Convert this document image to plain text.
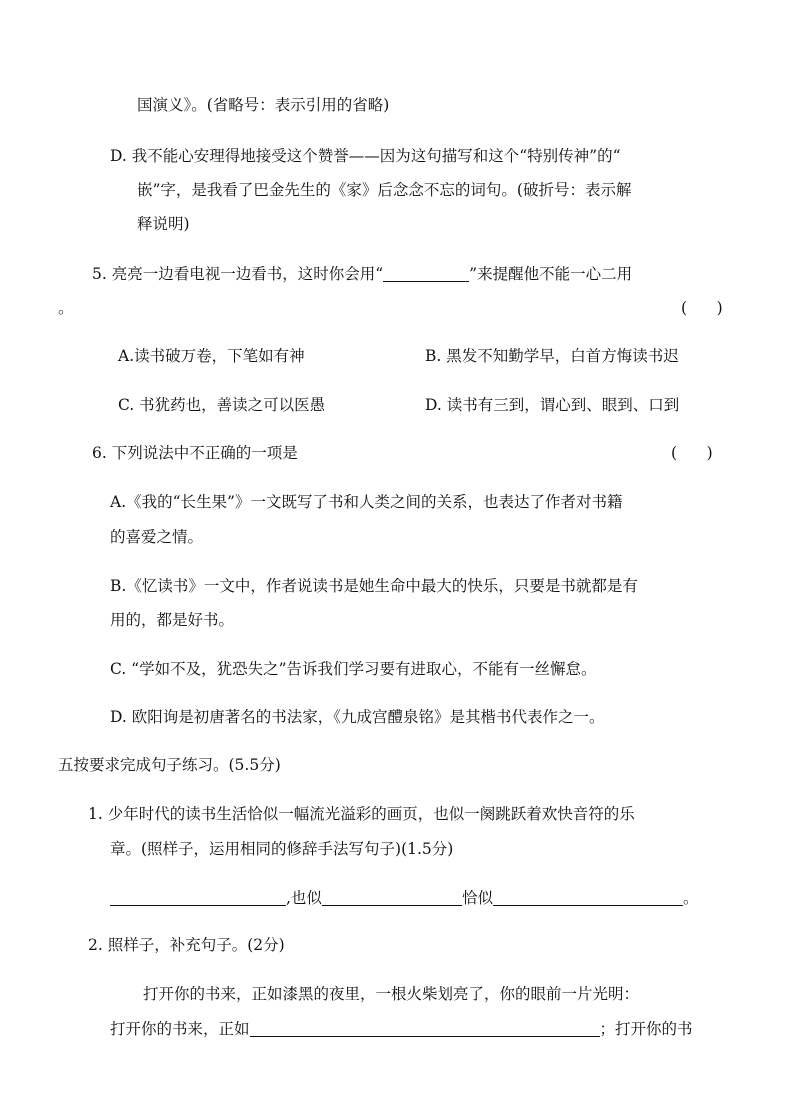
国演义》。(省略号：表示引用的省略)
D. 我不能心安理得地接受这个赞誉——因为这句描写和这个“特别传神”的“
嵌”字，是我看了巴金先生的《家》后念念不忘的词句。(破折号：表示解
释说明)
5. 亮亮一边看电视一边看书，这时你会用“	”来提醒他不能一心二用
。	(      )
A.读书破万卷，下笔如有神	B. 黑发不知勤学早，白首方悔读书迟
C. 书犹药也，善读之可以医愚	D. 读书有三到，谓心到、眼到、口到
6. 下列说法中不正确的一项是	(      )
A.《我的“长生果”》一文既写了书和人类之间的关系，也表达了作者对书籍
的喜爱之情。
B.《忆读书》一文中，作者说读书是她生命中最大的快乐，只要是书就都是有
用的，都是好书。
C. “学如不及，犹恐失之”告诉我们学习要有进取心，不能有一丝懈怠。
D. 欧阳询是初唐著名的书法家，《九成宫醴泉铭》是其楷书代表作之一。
五按要求完成句子练习。(5.5分)
1. 少年时代的读书生活恰似一幅流光溢彩的画页，也似一阕跳跃着欢快音符的乐
章。(照样子，运用相同的修辞手法写句子)(1.5分)
,也似	恰似	。
2. 照样子，补充句子。(2分)
打开你的书来，正如漆黑的夜里，一根火柴划亮了，你的眼前一片光明：
打开你的书来，正如	；打开你的书
